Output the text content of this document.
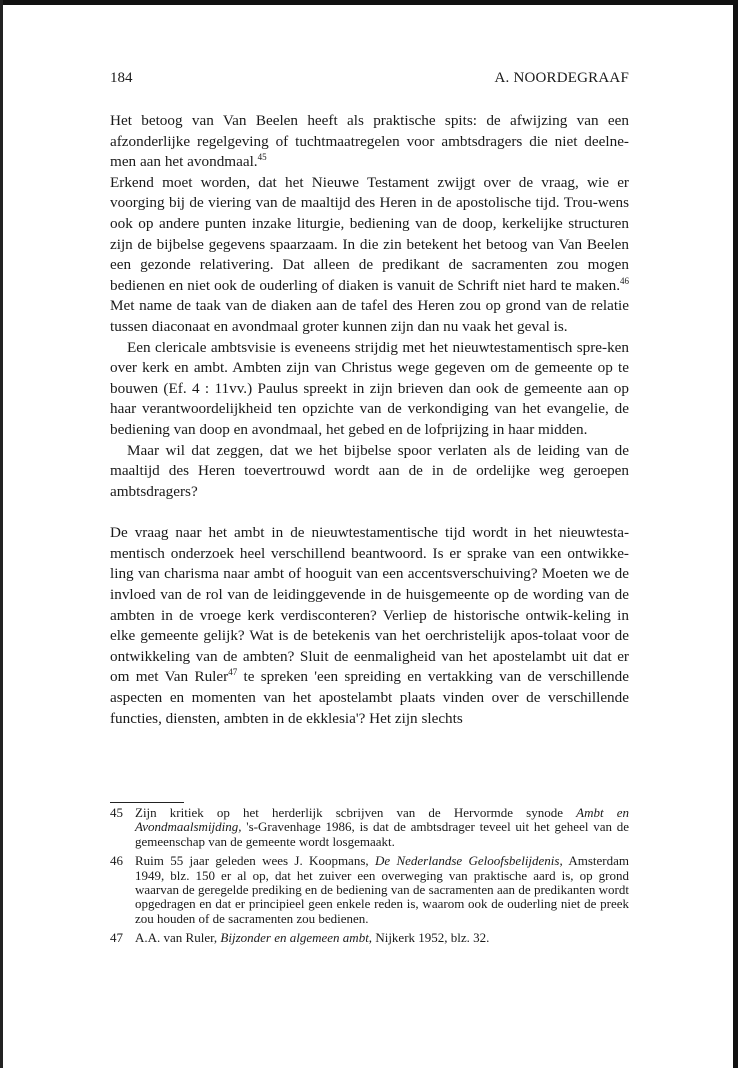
184	A. NOORDEGRAAF

Het betoog van Van Beelen heeft als praktische spits: de afwijzing van een afzonderlijke regelgeving of tuchtmaatregelen voor ambtsdragers die niet deelne-men aan het avondmaal.$^{45}$

Erkend moet worden, dat het Nieuwe Testament zwijgt over de vraag, wie er voorging bij de viering van de maaltijd des Heren in de apostolische tijd. Trou-wens ook op andere punten inzake liturgie, bediening van de doop, kerkelijke structuren zijn de bijbelse gegevens spaarzaam. In die zin betekent het betoog van Van Beelen een gezonde relativering. Dat alleen de predikant de sacramenten zou mogen bedienen en niet ook de ouderling of diaken is vanuit de Schrift niet hard te maken.$^{46}$ Met name de taak van de diaken aan de tafel des Heren zou op grond van de relatie tussen diaconaat en avondmaal groter kunnen zijn dan nu vaak het geval is.

Een clericale ambtsvisie is eveneens strijdig met het nieuwtestamentisch spre-ken over kerk en ambt. Ambten zijn van Christus wege gegeven om de gemeente op te bouwen (Ef. 4 : 11vv.) Paulus spreekt in zijn brieven dan ook de gemeente aan op haar verantwoordelijkheid ten opzichte van de verkondiging van het evangelie, de bediening van doop en avondmaal, het gebed en de lofprijzing in haar midden.

Maar wil dat zeggen, dat we het bijbelse spoor verlaten als de leiding van de maaltijd des Heren toevertrouwd wordt aan de in de ordelijke weg geroepen ambtsdragers?

De vraag naar het ambt in de nieuwtestamentische tijd wordt in het nieuwtesta-mentisch onderzoek heel verschillend beantwoord. Is er sprake van een ontwikke-ling van charisma naar ambt of hooguit van een accentsverschuiving? Moeten we de invloed van de rol van de leidinggevende in de huisgemeente op de wording van de ambten in de vroege kerk verdisconteren? Verliep de historische ontwik-keling in elke gemeente gelijk? Wat is de betekenis van het oerchristelijk apos-tolaat voor de ontwikkeling van de ambten? Sluit de eenmaligheid van het apostelambt uit dat er om met Van Ruler$^{47}$ te spreken 'een spreiding en vertakking van de verschillende aspecten en momenten van het apostelambt plaats vinden over de verschillende functies, diensten, ambten in de ekklesia'? Het zijn slechts

45 Zijn kritiek op het herderlijk scbrijven van de Hervormde synode Ambt en Avondmaalsmijding, 's-Gravenhage 1986, is dat de ambtsdrager teveel uit het geheel van de gemeenschap van de gemeente wordt losgemaakt.
46 Ruim 55 jaar geleden wees J. Koopmans, De Nederlandse Geloofsbelijdenis, Amsterdam 1949, blz. 150 er al op, dat het zuiver een overweging van praktische aard is, op grond waarvan de geregelde prediking en de bediening van de sacramenten aan de predikanten wordt opgedragen en dat er principieel geen enkele reden is, waarom ook de ouderling niet de preek zou houden of de sacramenten zou bedienen.
47 A.A. van Ruler, Bijzonder en algemeen ambt, Nijkerk 1952, blz. 32.
